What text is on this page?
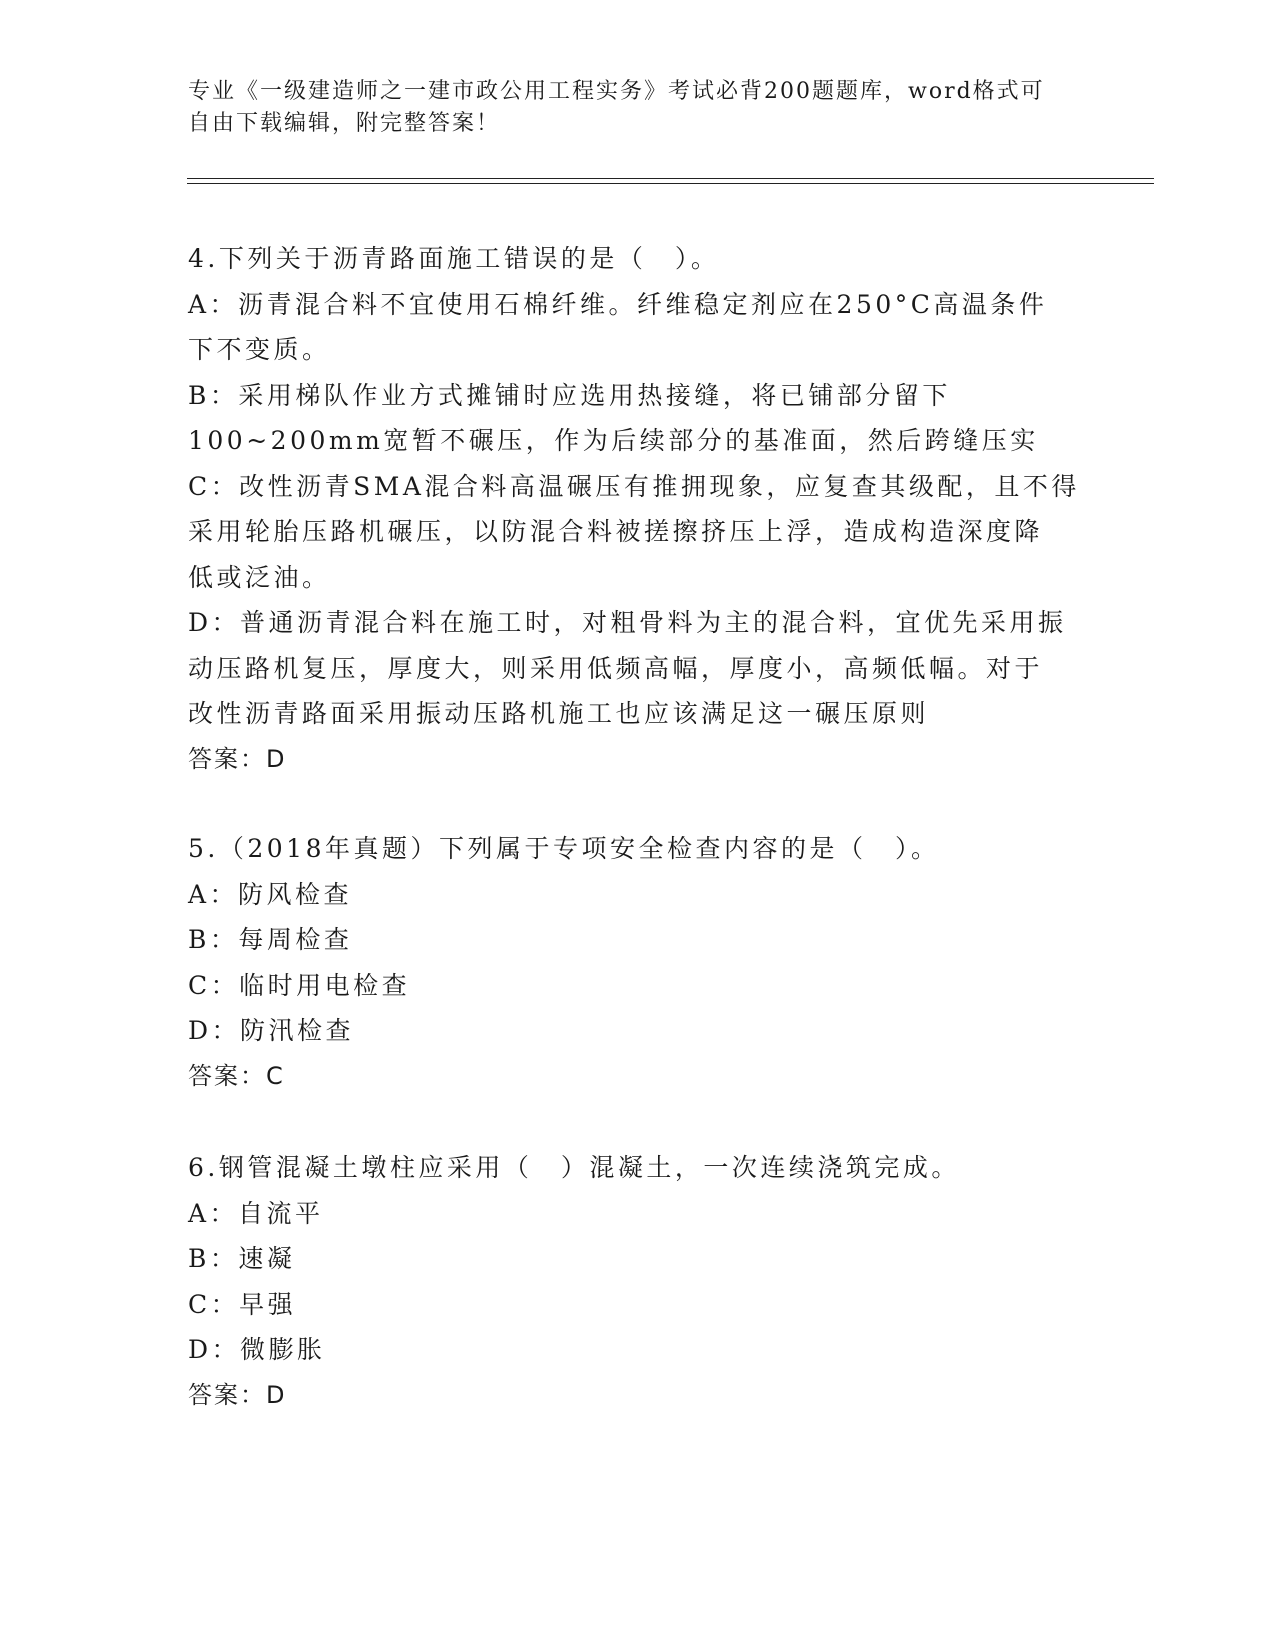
专业《一级建造师之一建市政公用工程实务》考试必背200题题库，word格式可
自由下载编辑，附完整答案！
4.下列关于沥青路面施工错误的是（　）。
A：沥青混合料不宜使用石棉纤维。纤维稳定剂应在250°C高温条件
下不变质。
B：采用梯队作业方式摊铺时应选用热接缝，将已铺部分留下
100~200mm宽暂不碾压，作为后续部分的基准面，然后跨缝压实
C：改性沥青SMA混合料高温碾压有推拥现象，应复查其级配，且不得
采用轮胎压路机碾压，以防混合料被搓擦挤压上浮，造成构造深度降
低或泛油。
D：普通沥青混合料在施工时，对粗骨料为主的混合料，宜优先采用振
动压路机复压，厚度大，则采用低频高幅，厚度小，高频低幅。对于
改性沥青路面采用振动压路机施工也应该满足这一碾压原则
答案：D
5.（2018年真题）下列属于专项安全检查内容的是（　）。
A：防风检查
B：每周检查
C：临时用电检查
D：防汛检查
答案：C
6.钢管混凝土墩柱应采用（　）混凝土，一次连续浇筑完成。
A：自流平
B：速凝
C：早强
D：微膨胀
答案：D
